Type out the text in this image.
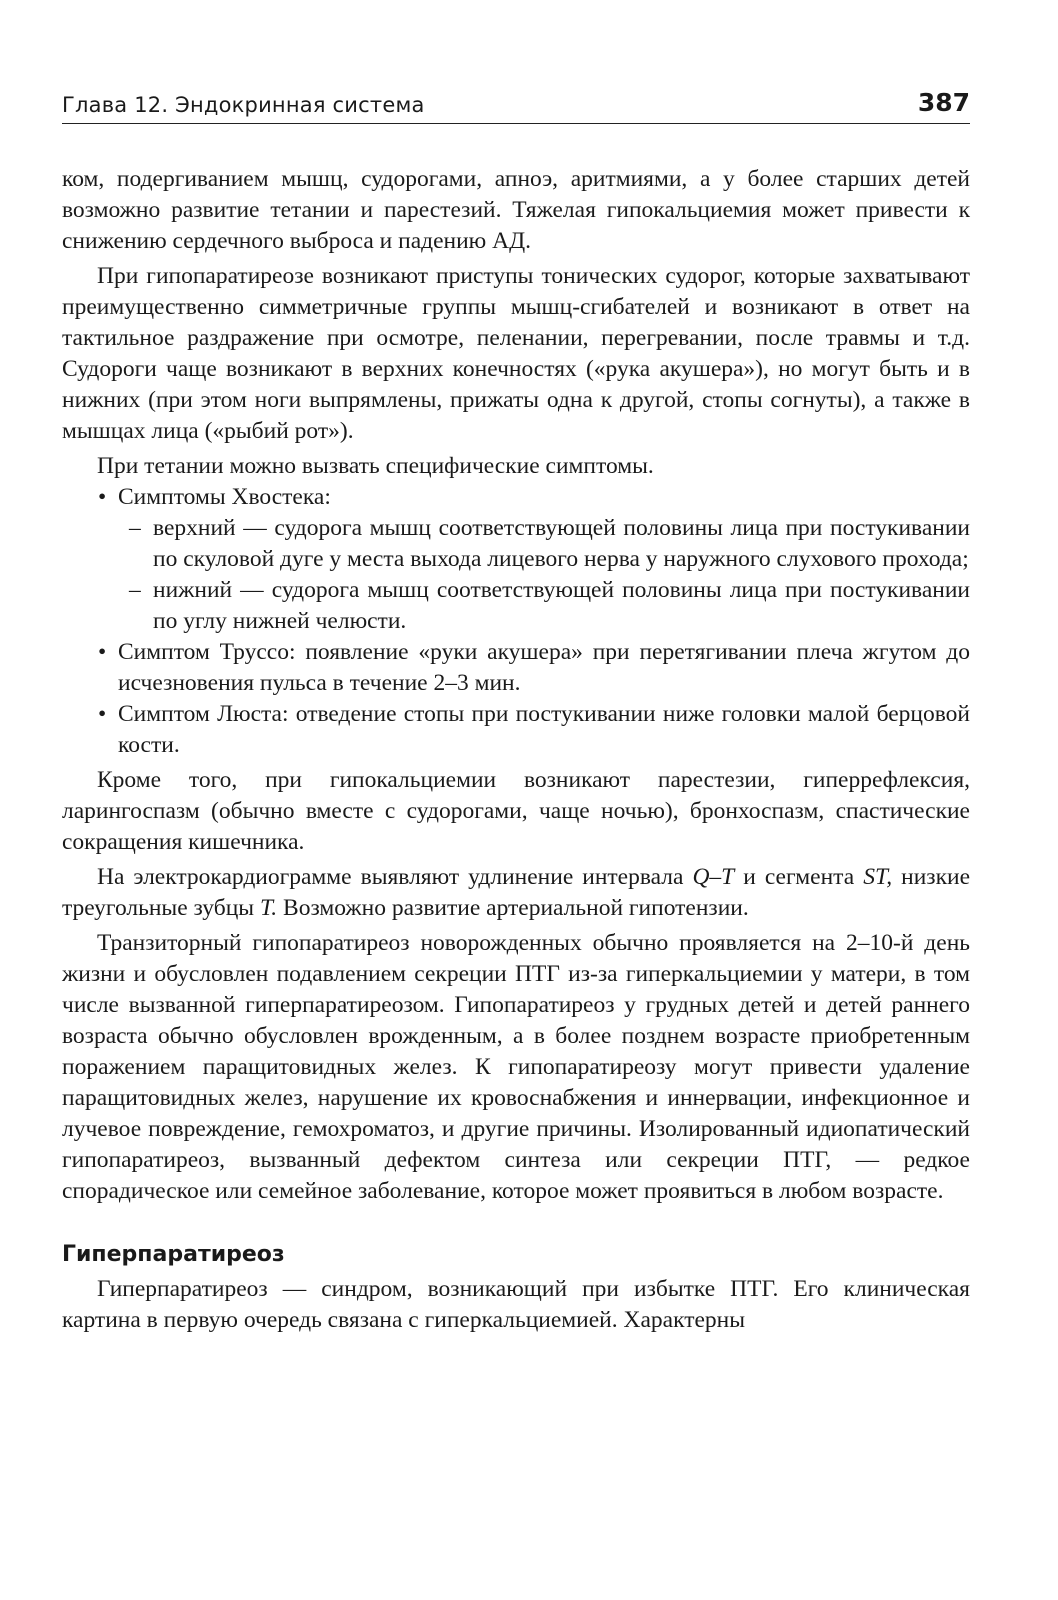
Глава 12. Эндокринная система	387

ком, подергиванием мышц, судорогами, апноэ, аритмиями, а у более старших детей возможно развитие тетании и парестезий. Тяжелая гипокальциемия может привести к снижению сердечного выброса и падению АД.

При гипопаратиреозе возникают приступы тонических судорог, которые захватывают преимущественно симметричные группы мышц-сгибателей и возникают в ответ на тактильное раздражение при осмотре, пеленании, перегревании, после травмы и т.д. Судороги чаще возникают в верхних конечностях («рука акушера»), но могут быть и в нижних (при этом ноги выпрямлены, прижаты одна к другой, стопы согнуты), а также в мышцах лица («рыбий рот»).

При тетании можно вызвать специфические симптомы.

• Симптомы Хвостека:

– верхний — судорога мышц соответствующей половины лица при постукивании по скуловой дуге у места выхода лицевого нерва у наружного слухового прохода;

– нижний — судорога мышц соответствующей половины лица при постукивании по углу нижней челюсти.

• Симптом Труссо: появление «руки акушера» при перетягивании плеча жгутом до исчезновения пульса в течение 2–3 мин.

• Симптом Люста: отведение стопы при постукивании ниже головки малой берцовой кости.

Кроме того, при гипокальциемии возникают парестезии, гиперрефлексия, ларингоспазм (обычно вместе с судорогами, чаще ночью), бронхоспазм, спастические сокращения кишечника.

На электрокардиограмме выявляют удлинение интервала Q–T и сегмента ST, низкие треугольные зубцы T. Возможно развитие артериальной гипотензии.

Транзиторный гипопаратиреоз новорожденных обычно проявляется на 2–10-й день жизни и обусловлен подавлением секреции ПТГ из-за гиперкальциемии у матери, в том числе вызванной гиперпаратиреозом. Гипопаратиреоз у грудных детей и детей раннего возраста обычно обусловлен врожденным, а в более позднем возрасте приобретенным поражением паращитовидных желез. К гипопаратиреозу могут привести удаление паращитовидных желез, нарушение их кровоснабжения и иннервации, инфекционное и лучевое повреждение, гемохроматоз, и другие причины. Изолированный идиопатический гипопаратиреоз, вызванный дефектом синтеза или секреции ПТГ, — редкое спорадическое или семейное заболевание, которое может проявиться в любом возрасте.

Гиперпаратиреоз

Гиперпаратиреоз — синдром, возникающий при избытке ПТГ. Его клиническая картина в первую очередь связана с гиперкальциемией. Характерны
